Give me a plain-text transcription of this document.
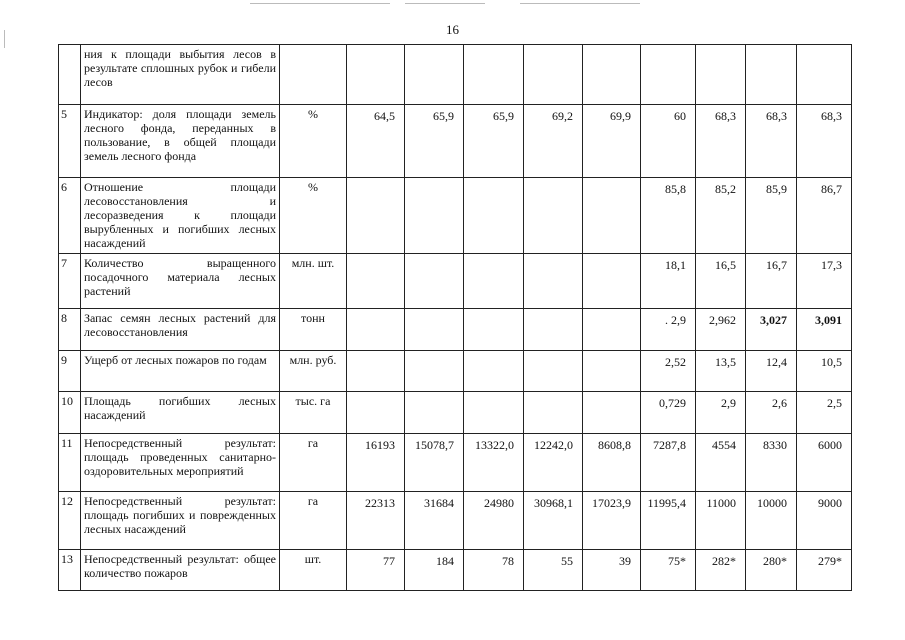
16
	ния к площади выбытия лесов в результате сплошных рубок и гибели лесов										
5	Индикатор: доля площади земель лесного фонда, переданных в пользование, в общей площади земель лесного фонда	%	64,5	65,9	65,9	69,2	69,9	60	68,3	68,3	68,3
6	Отношение площади лесовосстановления и лесоразведения к площади вырубленных и погибших лесных насаждений	%						85,8	85,2	85,9	86,7
7	Количество выращенного посадочного материала лесных растений	млн. шт.						18,1	16,5	16,7	17,3
8	Запас семян лесных растений для лесовосстановления	тонн						. 2,9	2,962	3,027	3,091
9	Ущерб от лесных пожаров по годам	млн. руб.						2,52	13,5	12,4	10,5
10	Площадь погибших лесных насаждений	тыс. га						0,729	2,9	2,6	2,5
11	Непосредственный результат: площадь проведенных санитарно-оздоровительных мероприятий	га	16193	15078,7	13322,0	12242,0	8608,8	7287,8	4554	8330	6000
12	Непосредственный результат: площадь погибших и поврежденных лесных насаждений	га	22313	31684	24980	30968,1	17023,9	11995,4	11000	10000	9000
13	Непосредственный результат: общее количество пожаров	шт.	77	184	78	55	39	75*	282*	280*	279*
